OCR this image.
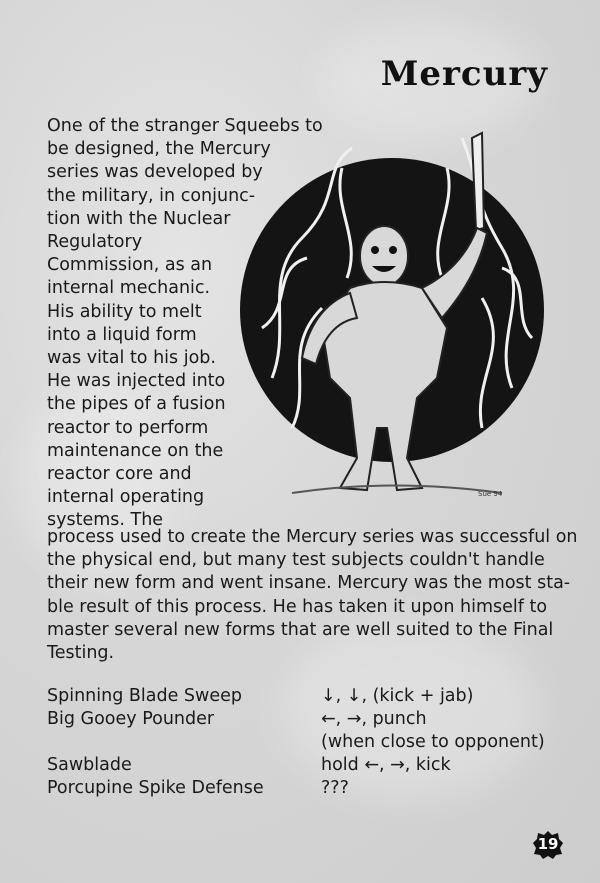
Mercury
One of the stranger Squeebs to
be designed, the Mercury
series was developed by
the military, in conjunc-
tion with the Nuclear
Regulatory
Commission, as an
internal mechanic.
His ability to melt
into a liquid form
was vital to his job.
He was injected into
the pipes of a fusion
reactor to perform
maintenance on the
reactor core and
internal operating
systems. The
Sue 94
process used to create the Mercury series was successful on
the physical end, but many test subjects couldn't handle
their new form and went insane. Mercury was the most sta-
ble result of this process. He has taken it upon himself to
master several new forms that are well suited to the Final
Testing.
Spinning Blade Sweep	↓, ↓, (kick + jab)
Big Gooey Pounder	←, →, punch
(when close to opponent)
Sawblade	hold ←, →, kick
Porcupine Spike Defense	???
19
